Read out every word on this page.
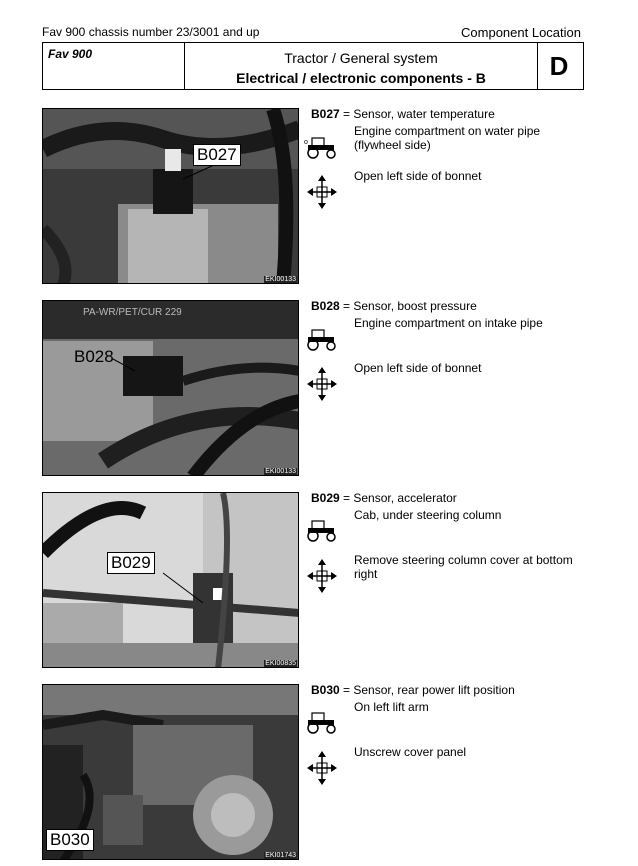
Fav 900 chassis number 23/3001 and up	Component Location
Fav 900	Tractor / General system
Electrical / electronic components - B	D
B027
EKI00133
B027 = Sensor, water temperature
Engine compartment on water pipe (flywheel side)
Open left side of bonnet
o
PA-WR/PET/CUR 229
B028
EKI00133
B028 = Sensor, boost pressure
Engine compartment on intake pipe
Open left side of bonnet
B029
EKI00835
B029 = Sensor, accelerator
Cab, under steering column
Remove steering column cover at bottom right
B030
EKI01743
B030 = Sensor, rear power lift position
On left lift arm
Unscrew cover panel
